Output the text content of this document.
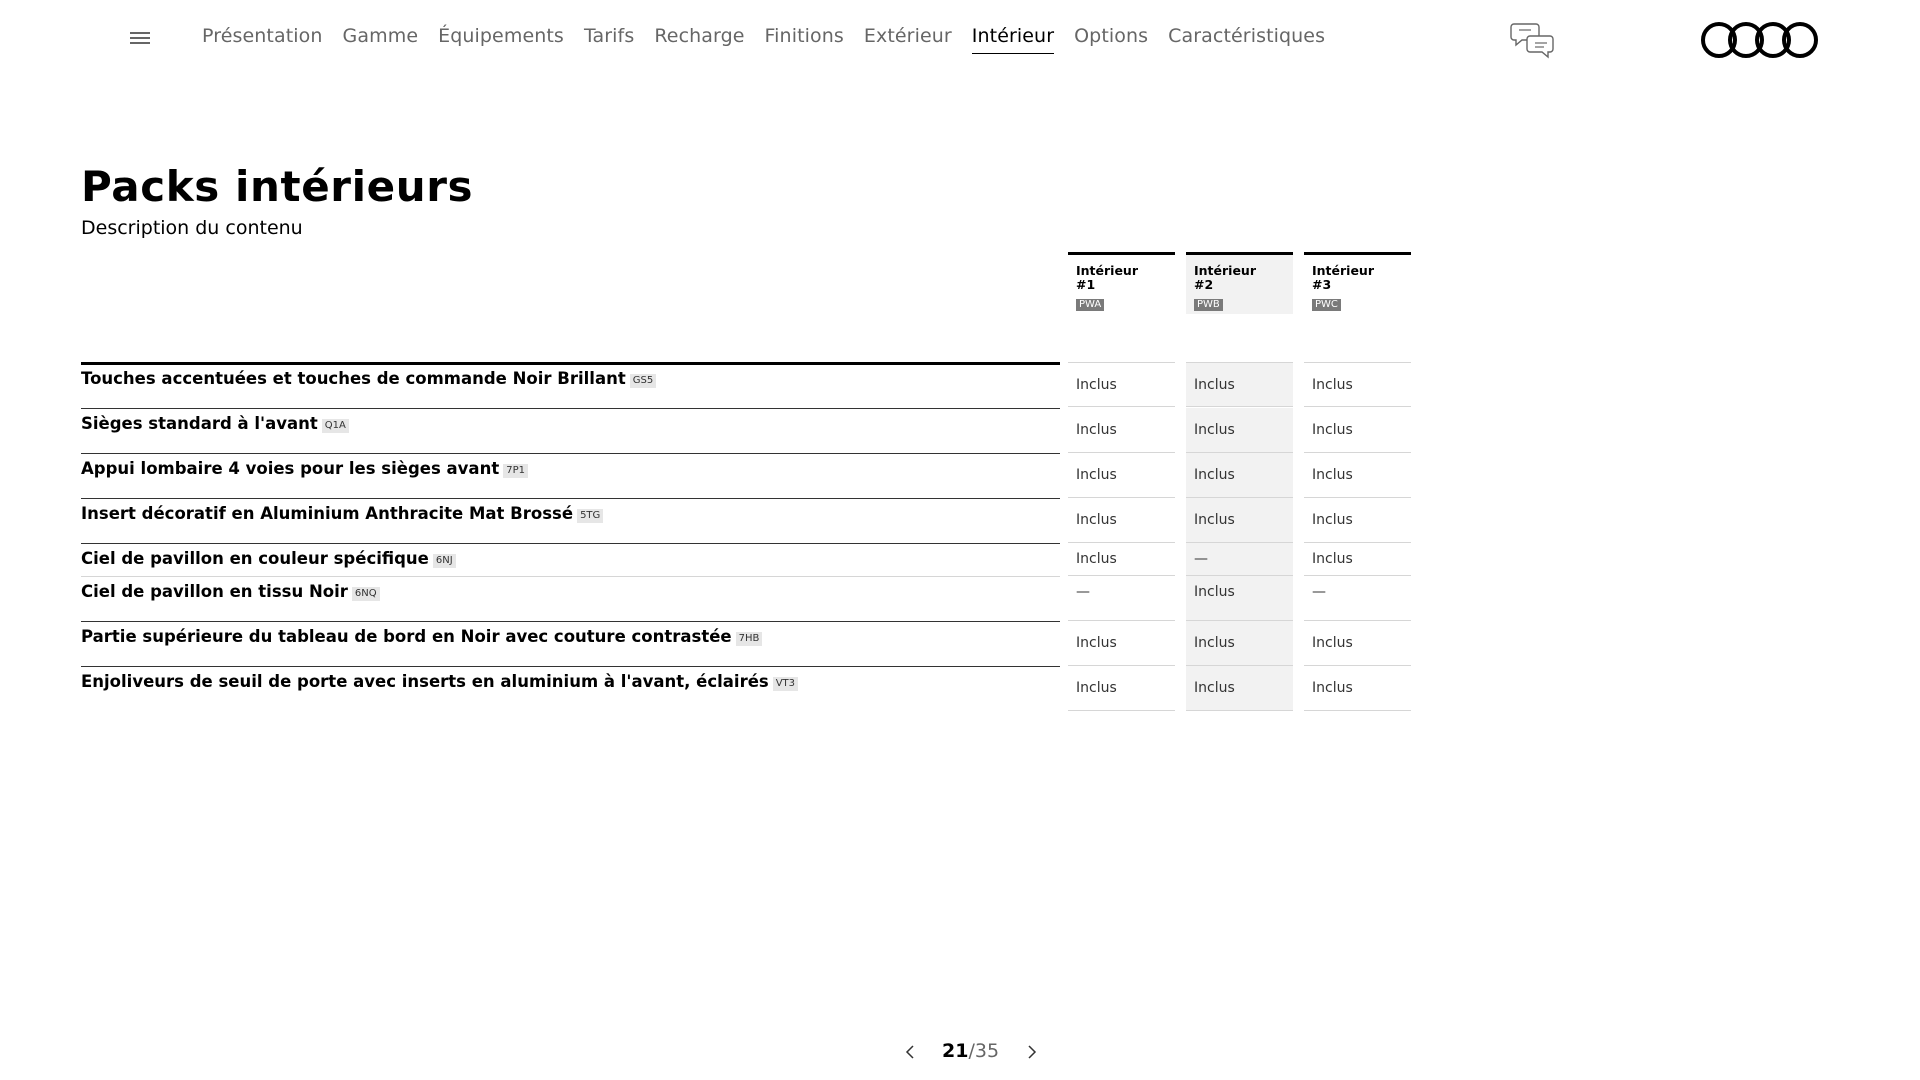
Présentation Gamme Équipements Tarifs Recharge Finitions Extérieur Intérieur Options Caractéristiques
Packs intérieurs
Description du contenu
Intérieur #1
PWA
Intérieur #2
PWB
Intérieur #3
PWC
Touches accentuées et touches de commande Noir Brillant GS5
Sièges standard à l'avant Q1A
Appui lombaire 4 voies pour les sièges avant 7P1
Insert décoratif en Aluminium Anthracite Mat Brossé 5TG
Ciel de pavillon en couleur spécifique 6NJ
Ciel de pavillon en tissu Noir 6NQ
Partie supérieure du tableau de bord en Noir avec couture contrastée 7HB
Enjoliveurs de seuil de porte avec inserts en aluminium à l'avant, éclairés VT3
Inclus
Inclus
Inclus
Inclus
Inclus
—
Inclus
Inclus
Inclus
Inclus
Inclus
Inclus
—
Inclus
Inclus
Inclus
Inclus
Inclus
Inclus
Inclus
Inclus
—
Inclus
Inclus
21/35
